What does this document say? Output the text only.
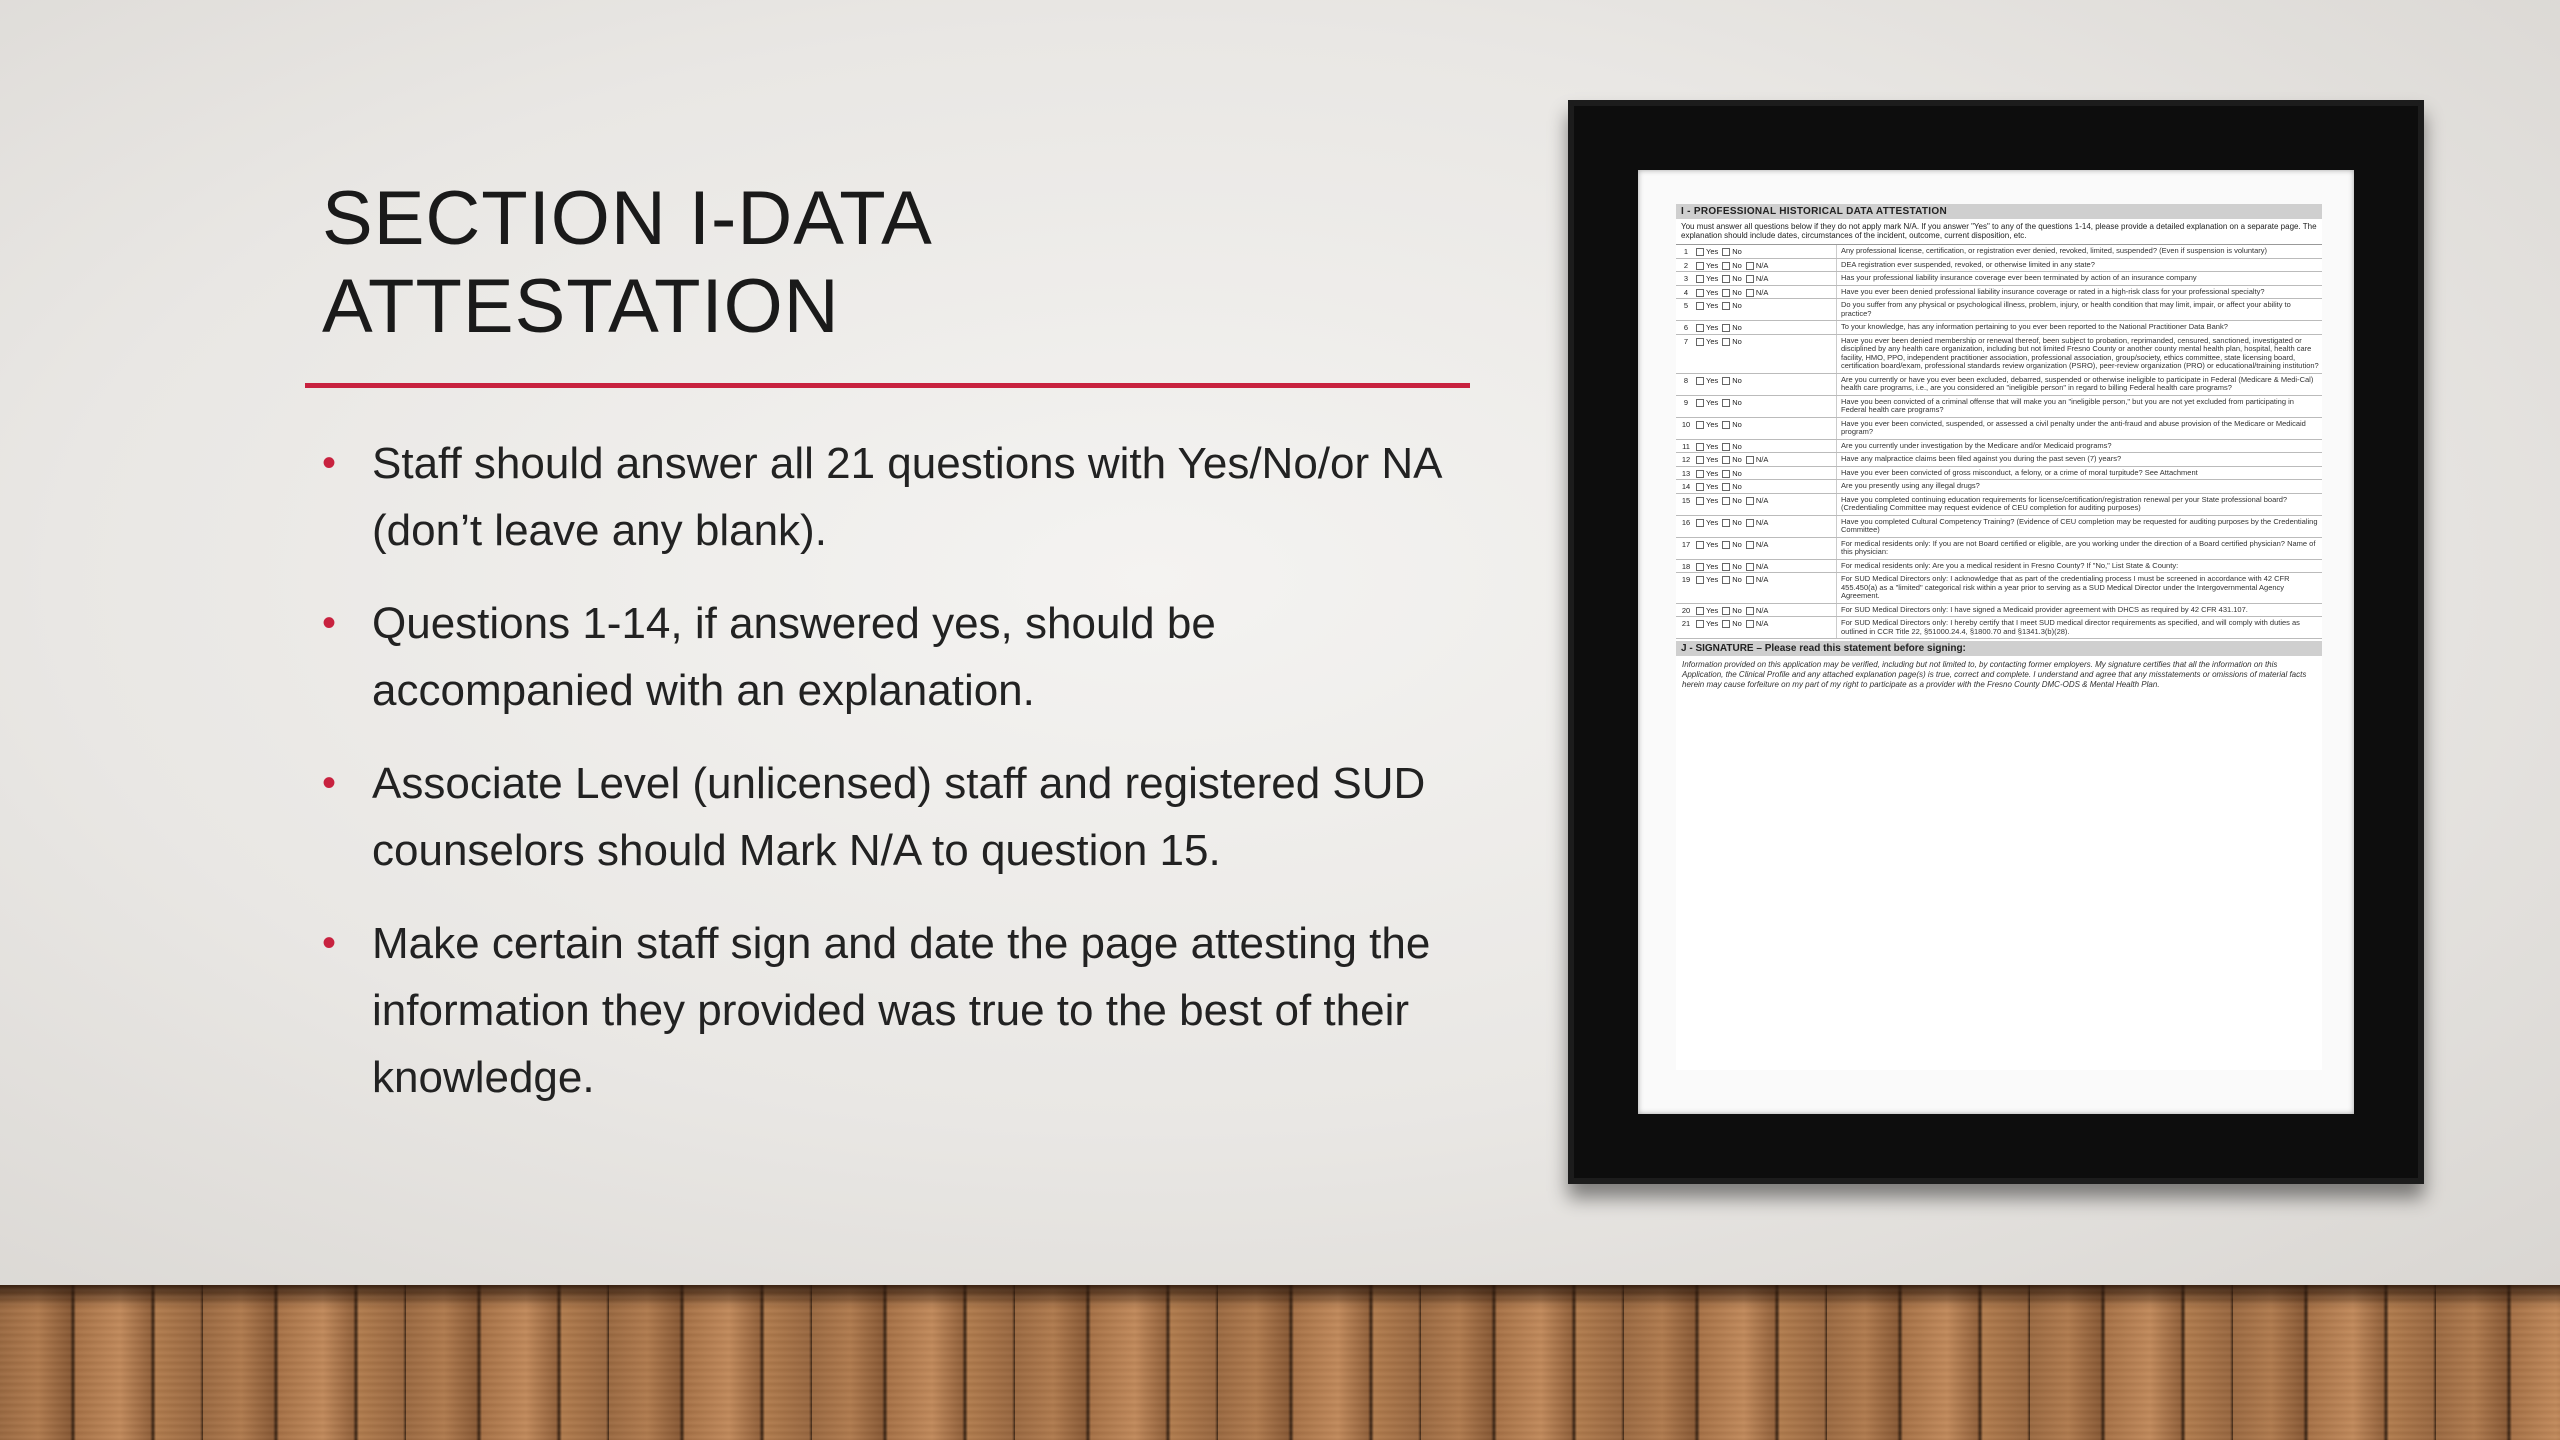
SECTION I-DATA ATTESTATION
• Staff should answer all 21 questions with Yes/No/or NA (don’t leave any blank).
• Questions 1-14, if answered yes, should be accompanied with an explanation.
• Associate Level (unlicensed) staff and registered SUD counselors should Mark N/A to question 15.
• Make certain staff sign and date the page attesting the information they provided was true to the best of their knowledge.
I - PROFESSIONAL HISTORICAL DATA ATTESTATION
You must answer all questions below if they do not apply mark N/A. If you answer "Yes" to any of the questions 1-14, please provide a detailed explanation on a separate page. The explanation should include dates, circumstances of the incident, outcome, current disposition, etc.
1	Yes	No	Any professional license, certification, or registration ever denied, revoked, limited, suspended? (Even if suspension is voluntary)
2	Yes	No	N/A	DEA registration ever suspended, revoked, or otherwise limited in any state?
3	Yes	No	N/A	Has your professional liability insurance coverage ever been terminated by action of an insurance company
4	Yes	No	N/A	Have you ever been denied professional liability insurance coverage or rated in a high-risk class for your professional specialty?
5	Yes	No	Do you suffer from any physical or psychological illness, problem, injury, or health condition that may limit, impair, or affect your ability to practice?
6	Yes	No	To your knowledge, has any information pertaining to you ever been reported to the National Practitioner Data Bank?
7	Yes	No	Have you ever been denied membership or renewal thereof, been subject to probation, reprimanded, censured, sanctioned, investigated or disciplined by any health care organization, including but not limited Fresno County or another county mental health plan, hospital, health care facility, HMO, PPO, independent practitioner association, professional association, group/society, ethics committee, state licensing board, certification board/exam, professional standards review organization (PSRO), peer-review organization (PRO) or educational/training institution?
8	Yes	No	Are you currently or have you ever been excluded, debarred, suspended or otherwise ineligible to participate in Federal (Medicare & Medi-Cal) health care programs, i.e., are you considered an "ineligible person" in regard to billing Federal health care programs?
9	Yes	No	Have you been convicted of a criminal offense that will make you an "ineligible person," but you are not yet excluded from participating in Federal health care programs?
10	Yes	No	Have you ever been convicted, suspended, or assessed a civil penalty under the anti-fraud and abuse provision of the Medicare or Medicaid program?
11	Yes	No	Are you currently under investigation by the Medicare and/or Medicaid programs?
12	Yes	No	N/A	Have any malpractice claims been filed against you during the past seven (7) years?
13	Yes	No	Have you ever been convicted of gross misconduct, a felony, or a crime of moral turpitude? See Attachment
14	Yes	No	Are you presently using any illegal drugs?
15	Yes	No	N/A	Have you completed continuing education requirements for license/certification/registration renewal per your State professional board? (Credentialing Committee may request evidence of CEU completion for auditing purposes)
16	Yes	No	N/A	Have you completed Cultural Competency Training? (Evidence of CEU completion may be requested for auditing purposes by the Credentialing Committee)
17	Yes	No	N/A	For medical residents only: If you are not Board certified or eligible, are you working under the direction of a Board certified physician? Name of this physician:
18	Yes	No	N/A	For medical residents only: Are you a medical resident in Fresno County? If "No," List State & County:
19	Yes	No	N/A	For SUD Medical Directors only: I acknowledge that as part of the credentialing process I must be screened in accordance with 42 CFR 455.450(a) as a "limited" categorical risk within a year prior to serving as a SUD Medical Director under the Intergovernmental Agency Agreement.
20	Yes	No	N/A	For SUD Medical Directors only: I have signed a Medicaid provider agreement with DHCS as required by 42 CFR 431.107.
21	Yes	No	N/A	For SUD Medical Directors only: I hereby certify that I meet SUD medical director requirements as specified, and will comply with duties as outlined in CCR Title 22, §51000.24.4, §1800.70 and §1341.3(b)(28).
J - SIGNATURE – Please read this statement before signing:
Information provided on this application may be verified, including but not limited to, by contacting former employers. My signature certifies that all the information on this Application, the Clinical Profile and any attached explanation page(s) is true, correct and complete. I understand and agree that any misstatements or omissions of material facts herein may cause forfeiture on my part of my right to participate as a provider with the Fresno County DMC-ODS & Mental Health Plan.
